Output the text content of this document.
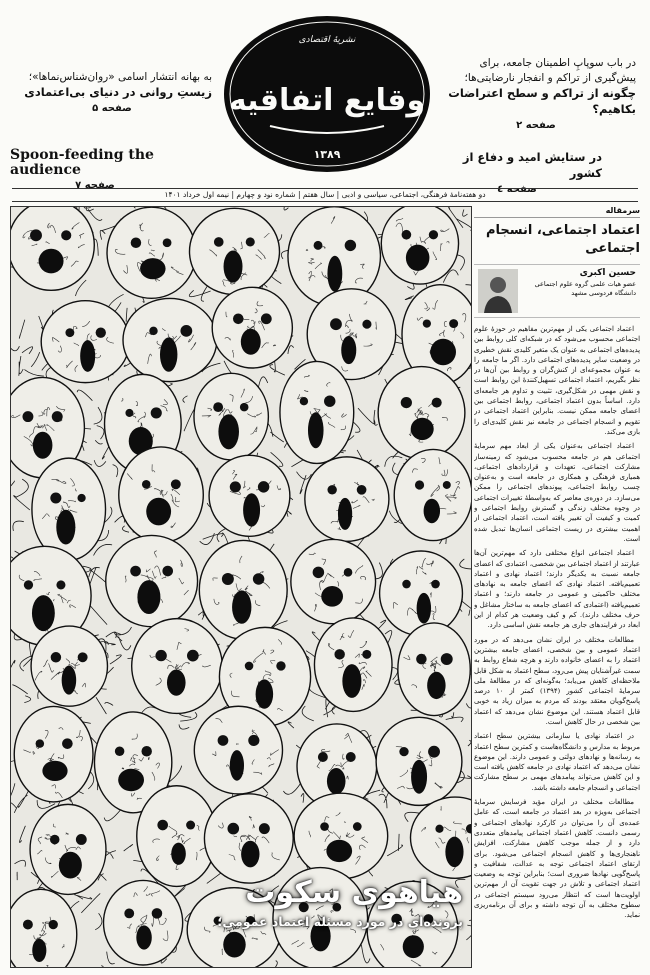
نشریهٔ اقتصادی
وقایع اتفاقیه
۱۳۸۹
در باب سوپاپِ اطمینان جامعه، برای پیش‌گیری از تراکم و انفجار نارضایتی‌ها؛
چگونه از تراکم و سطح اعتراضات بکاهیم؟
صفحه ۲
به بهانه انتشار اسامی «روان‌شناس‌نماها»؛
زیستِ روانی در دنیای بی‌اعتمادی
صفحه ۵
در ستایش امید و دفاع از کشور
صفحه ٤
Spoon-feeding the audience
صفحه ۷
دو هفته‌نامهٔ فرهنگی، اجتماعی، سیاسی و ادبی | سال هفتم | شماره نود و چهارم | نیمه اول خرداد ۱۴۰۱
سرمقاله
اعتماد اجتماعی، انسجام اجتماعی
حسین اکبری
عضو هیات علمی گروه علوم اجتماعی دانشگاه فردوسی مشهد

اعتماد اجتماعی یکی از مهم‌ترین مفاهیم در حوزهٔ علوم اجتماعی محسوب می‌شود که در شبکه‌ای کلی روابط بین پدیده‌های اجتماعی به عنوان یک متغیر کلیدی نقش خطیری در وضعیت سایر پدیده‌های اجتماعی دارد. اگر ما جامعه را به عنوان مجموعه‌ای از کنش‌گران و روابط بین آن‌ها در نظر بگیریم، اعتماد اجتماعی تسهیل‌کنندهٔ این روابط است و نقش مهمی در شکل‌گیری، تثبیت و تداوم هر جامعه‌ای دارد. اساساً بدون اعتماد اجتماعی، روابط اجتماعی بین اعضای جامعه ممکن نیست. بنابراین اعتماد اجتماعی در تقویم و انسجام اجتماعی در جامعه نیز نقش کلیدی‌ای را بازی می‌کند.

اعتماد اجتماعی به‌عنوان یکی از ابعاد مهم سرمایهٔ اجتماعی هم در جامعه محسوب می‌شود که زمینه‌ساز مشارکت اجتماعی، تعهدات و قراردادهای اجتماعی، همیاری فرهنگی و همکاری در جامعه است و به‌عنوان چسب روابط اجتماعی، پیوندهای اجتماعی را ممکن می‌سازد. در دوره‌ی معاصر که به‌واسطهٔ تغییرات اجتماعی در وجوه مختلف زندگی و گسترش روابط اجتماعی و کمیت و کیفیت آن تغییر یافته است، اعتماد اجتماعی از اهمیت بیشتری در زیست اجتماعی انسان‌ها تبدیل شده است.

اعتماد اجتماعی انواع مختلفی دارد که مهم‌ترین آن‌ها عبارتند از اعتماد اجتماعی بین شخصی، اعتمادی که اعضای جامعه نسبت به یکدیگر دارند؛ اعتماد نهادی و اعتماد تعمیم‌یافته. اعتماد نهادی که اعضای جامعه به نهادهای مختلف حاکمیتی و عمومی در جامعه دارند؛ و اعتماد تعمیم‌یافته (اعتمادی که اعضای جامعه به ساختار مشاغل و حرف مختلف دارند). کم و کیف وضعیت هر کدام از این ابعاد در فرایندهای جاری هر جامعه نقش اساسی دارد.

مطالعات مختلف در ایران نشان می‌دهد که در مورد اعتماد عمومی و بین شخصی، اعضای جامعه بیشترین اعتماد را به اعضای خانواده دارند و هرچه شعاع روابط به سمت غیرآشنایان پیش می‌رود، سطح اعتماد به شکل قابل ملاحظه‌ای کاهش می‌یابد؛ به‌گونه‌ای که در مطالعهٔ ملی سرمایهٔ اجتماعی کشور (۱۳۹۴) کمتر از ۱۰ درصد پاسخ‌گویان معتقد بودند که مردم به میزان زیاد به خوبی قابل اعتماد هستند. این موضوع نشان می‌دهد که اعتماد بین شخصی در حال کاهش است.

در اعتماد نهادی یا سازمانی بیشترین سطح اعتماد مربوط به مدارس و دانشگاه‌هاست و کمترین سطح اعتماد به رسانه‌ها و نهادهای دولتی و عمومی دارند. این موضوع نشان می‌دهد که اعتماد نهادی در جامعه کاهش یافته است و این کاهش می‌تواند پیامدهای مهمی بر سطح مشارکت اجتماعی و انسجام جامعه داشته باشد.

مطالعات مختلف در ایران مؤید فرسایش سرمایهٔ اجتماعی به‌ویژه در بعد اعتماد در جامعه است، که عامل عمده‌ی آن را می‌توان در کارکرد نهادهای اجتماعی و رسمی دانست. کاهش اعتماد اجتماعی پیامدهای متعددی دارد و از جمله موجب کاهش مشارکت، افزایش ناهنجاری‌ها و کاهش انسجام اجتماعی می‌شود. برای ارتقای اعتماد اجتماعی توجه به عدالت، شفافیت و پاسخ‌گویی نهادها ضروری است؛ بنابراین توجه به وضعیت اعتماد اجتماعی و تلاش در جهت تقویت آن از مهم‌ترین اولویت‌ها است که انتظار می‌رود سیستم اجتماعی در سطوح مختلف به آن توجه داشته و برای آن برنامه‌ریزی نماید.

هیاهوی سکوت
پرونده‌ای در مورد مسئله اعتماد عمومی؛
